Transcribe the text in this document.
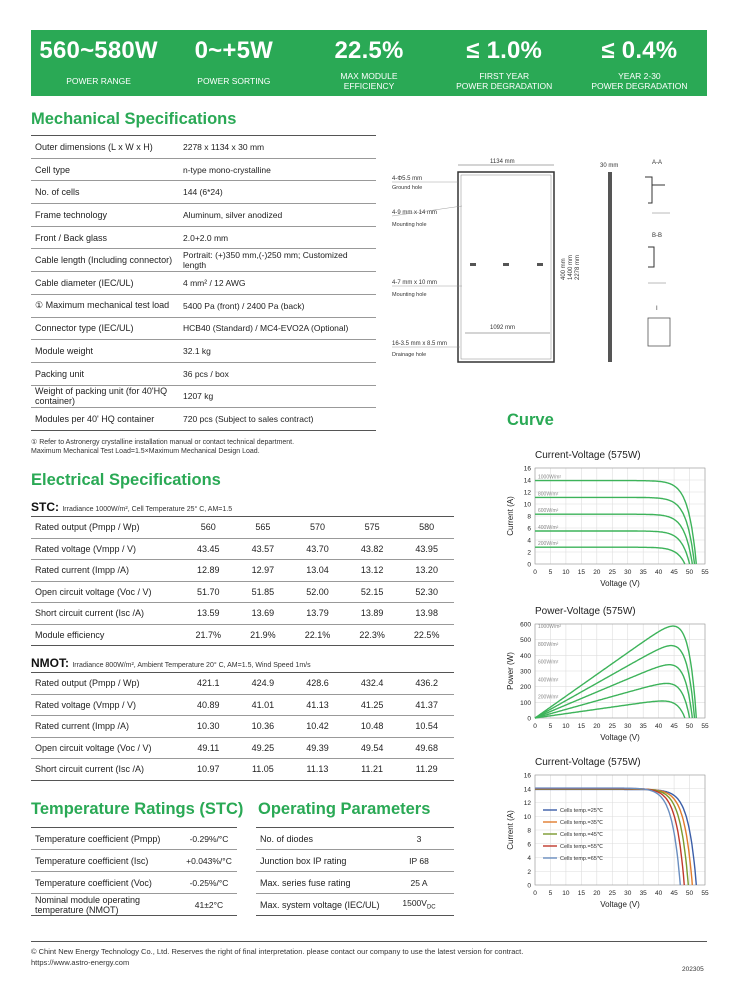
560~580W
POWER RANGE
0~+5W
POWER SORTING
22.5%
MAX MODULE
EFFICIENCY
≤ 1.0%
FIRST YEAR
POWER DEGRADATION
≤ 0.4%
YEAR 2-30
POWER DEGRADATION
Mechanical Specifications
Outer dimensions (L x W x H)	2278 x 1134 x 30 mm
Cell type	n-type mono-crystalline
No. of cells	144 (6*24)
Frame technology	Aluminum, silver anodized
Front / Back glass	2.0+2.0 mm
Cable length (Including connector)	Portrait: (+)350 mm,(-)250 mm; Customized length
Cable diameter (IEC/UL)	4 mm² / 12 AWG
① Maximum mechanical test load	5400 Pa (front) / 2400 Pa (back)
Connector type (IEC/UL)	HCB40 (Standard) / MC4-EVO2A (Optional)
Module weight	32.1 kg
Packing unit	36 pcs / box
Weight of packing unit (for 40'HQ container)	1207 kg
Modules per 40' HQ container	720 pcs (Subject to sales contract)
① Refer to Astronergy crystalline installation manual or contact technical department.
Maximum Mechanical Test Load=1.5×Maximum Mechanical Design Load.
1134 mm
30 mm	A-A
B-B
I
4-Φ5.5 mm
Ground hole
4-9 mm x 14 mm
Mounting hole
4-7 mm x 10 mm
Mounting hole
16-3.5 mm x 8.5 mm
Drainage hole
1092 mm
400 mm 1400 mm 2278 mm
Curve
Electrical Specifications
STC: Irradiance 1000W/m², Cell Temperature 25° C, AM=1.5
Rated output (Pmpp / Wp)	560	565	570	575	580
Rated voltage (Vmpp / V)	43.45	43.57	43.70	43.82	43.95
Rated current (Impp /A)	12.89	12.97	13.04	13.12	13.20
Open circuit voltage (Voc / V)	51.70	51.85	52.00	52.15	52.30
Short circuit current (Isc /A)	13.59	13.69	13.79	13.89	13.98
Module efficiency	21.7%	21.9%	22.1%	22.3%	22.5%
NMOT: Irradiance 800W/m², Ambient Temperature 20° C, AM=1.5, Wind Speed 1m/s
Rated output (Pmpp / Wp)	421.1	424.9	428.6	432.4	436.2
Rated voltage (Vmpp / V)	40.89	41.01	41.13	41.25	41.37
Rated current (Impp /A)	10.30	10.36	10.42	10.48	10.54
Open circuit voltage (Voc / V)	49.11	49.25	49.39	49.54	49.68
Short circuit current (Isc /A)	10.97	11.05	11.13	11.21	11.29
Temperature Ratings (STC) Operating Parameters
Temperature coefficient (Pmpp)	-0.29%/°C
Temperature coefficient (Isc)	+0.043%/°C
Temperature coefficient (Voc)	-0.25%/°C
Nominal module operating temperature (NMOT)	41±2°C
No. of diodes	3
Junction box IP rating	IP 68
Max. series fuse rating	25 A
Max. system voltage (IEC/UL)	$1500V_{DC}$
Current-Voltage (575W)
0
2
4
6
8
10
12
14
16
0 5 10 15 20 25 30 35 40 45 50 55
Voltage (V)
Current (A)
1000W/m²
800W/m²
600W/m²
400W/m²
200W/m²
Power-Voltage (575W)
0
100
200
300
400
500
600
0 5 10 15 20 25 30 35 40 45 50 55
Voltage (V)
Power (W)
1000W/m²
800W/m²
600W/m²
400W/m²
200W/m²
Current-Voltage (575W)
0
2
4
6
8
10
12
14
16
0 5 10 15 20 25 30 35 40 45 50 55
Voltage (V)
Current (A)	Cells temp.=25℃
Cells temp.=35℃
Cells temp.=45℃
Cells temp.=55℃
Cells temp.=65℃
© Chint New Energy Technology Co., Ltd. Reserves the right of final interpretation. please contact our company to use the latest version for contract.
https://www.astro-energy.com
202305
